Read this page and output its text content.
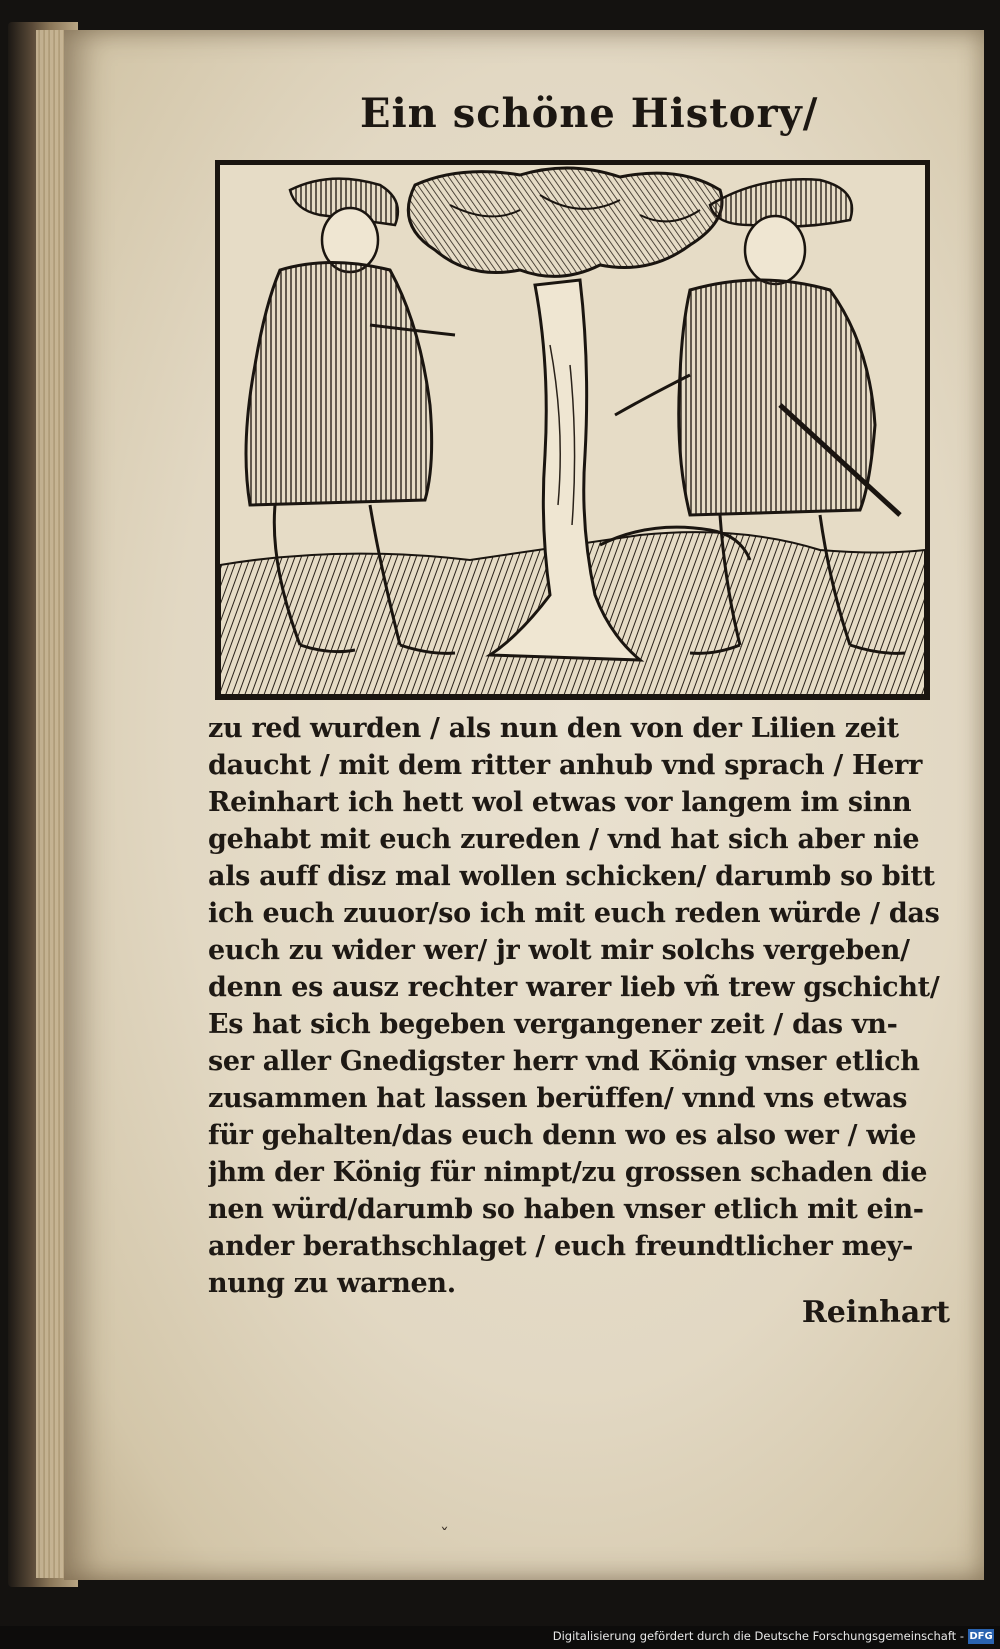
Ein schöne History/
zu red wurden / als nun den von der Lilien zeit
daucht / mit dem ritter anhub vnd sprach / Herr
Reinhart ich hett wol etwas vor langem im sinn
gehabt mit euch zureden / vnd hat sich aber nie
als auff disz mal wollen schicken/ darumb so bitt
ich euch zuuor/so ich mit euch reden würde / das
euch zu wider wer/ jr wolt mir solchs vergeben/
denn es ausz rechter warer lieb vñ trew gschicht/
Es hat sich begeben vergangener zeit / das vn-
ser aller Gnedigster herr vnd König vnser etlich
zusammen hat lassen berüffen/ vnnd vns etwas
für gehalten/das euch denn wo es also wer / wie
jhm der König für nimpt/zu grossen schaden die
nen würd/darumb so haben vnser etlich mit ein-
ander berathschlaget / euch freundtlicher mey-
nung zu warnen.
Reinhart
ˇ
Digitalisierung gefördert durch die Deutsche Forschungsgemeinschaft - DFG
